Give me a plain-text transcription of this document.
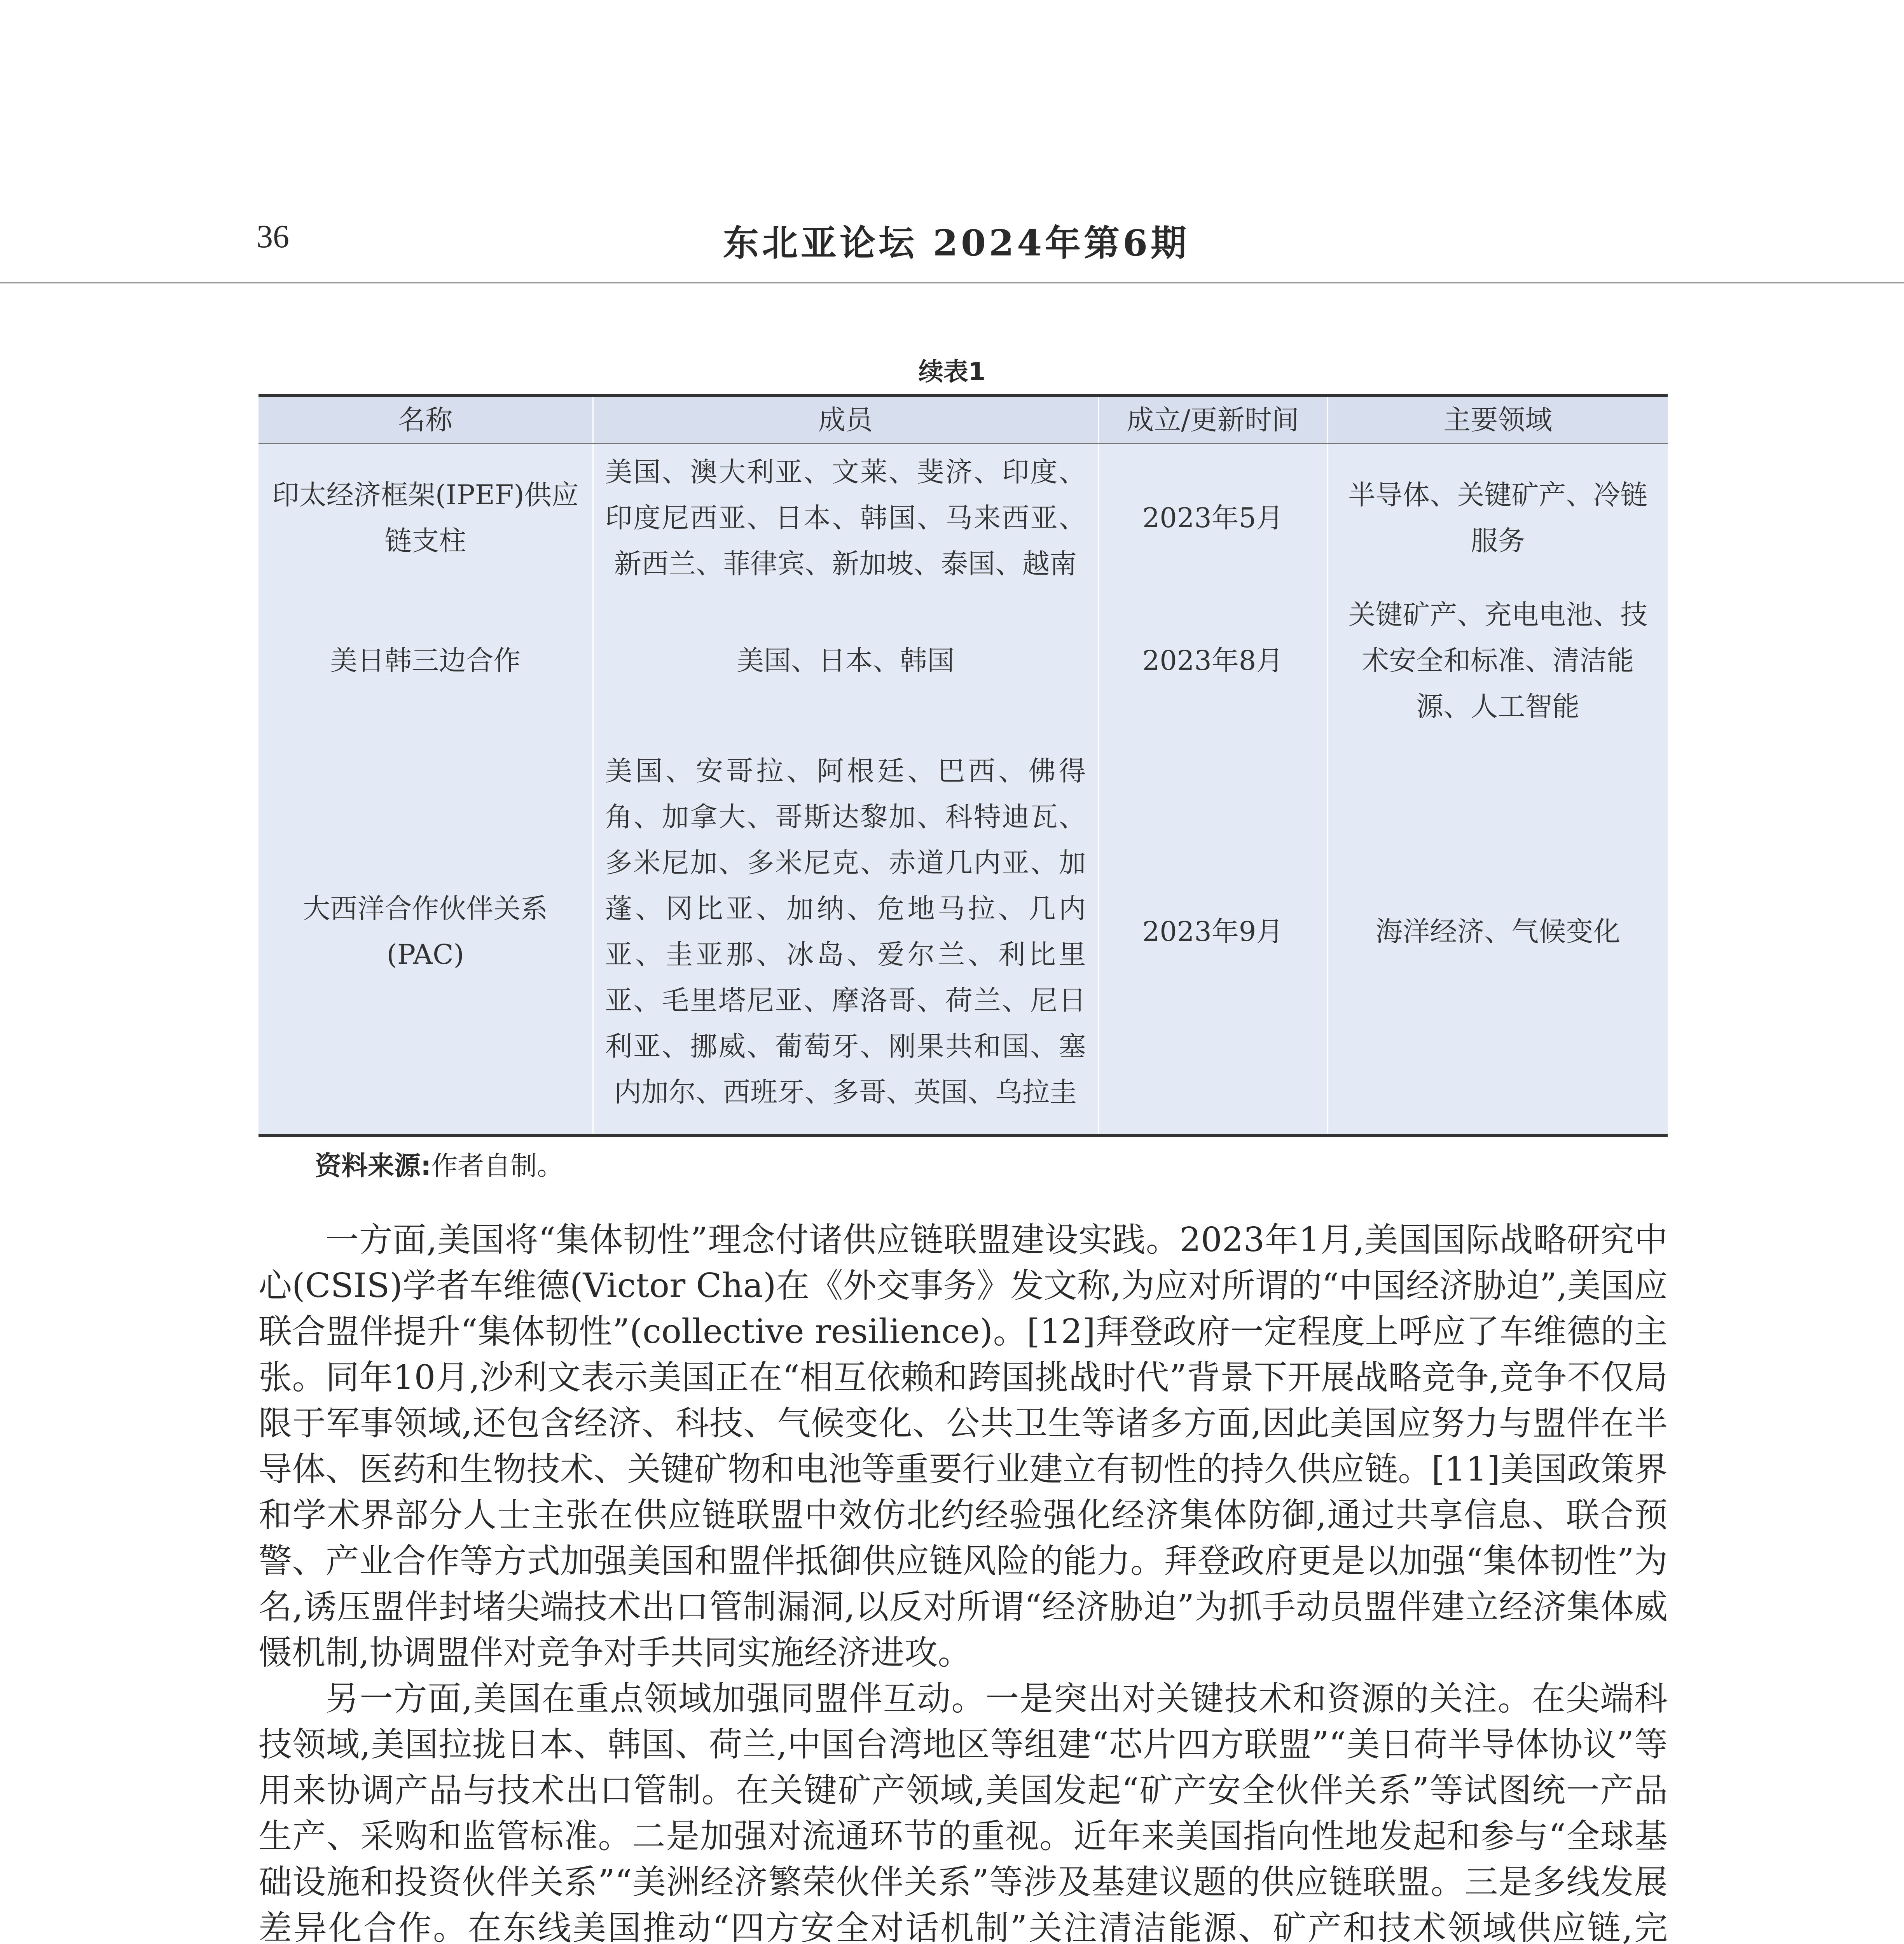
36	东北亚论坛 2024年第6期
续表1
名称	成员	成立/更新时间	主要领域
印太经济框架(IPEF)供应链支柱	美国、澳大利亚、文莱、斐济、印度、印度尼西亚、日本、韩国、马来西亚、新西兰、菲律宾、新加坡、泰国、越南	2023年5月	半导体、关键矿产、冷链服务
美日韩三边合作	美国、日本、韩国	2023年8月	关键矿产、充电电池、技术安全和标准、清洁能源、人工智能
大西洋合作伙伴关系(PAC)	美国、安哥拉、阿根廷、巴西、佛得角、加拿大、哥斯达黎加、科特迪瓦、多米尼加、多米尼克、赤道几内亚、加蓬、冈比亚、加纳、危地马拉、几内亚、圭亚那、冰岛、爱尔兰、利比里亚、毛里塔尼亚、摩洛哥、荷兰、尼日利亚、挪威、葡萄牙、刚果共和国、塞内加尔、西班牙、多哥、英国、乌拉圭	2023年9月	海洋经济、气候变化
资料来源:作者自制。

一方面,美国将“集体韧性”理念付诸供应链联盟建设实践。2023年1月,美国国际战略研究中心(CSIS)学者车维德(Victor Cha)在《外交事务》发文称,为应对所谓的“中国经济胁迫”,美国应联合盟伴提升“集体韧性”(collective resilience)。[12]拜登政府一定程度上呼应了车维德的主张。同年10月,沙利文表示美国正在“相互依赖和跨国挑战时代”背景下开展战略竞争,竞争不仅局限于军事领域,还包含经济、科技、气候变化、公共卫生等诸多方面,因此美国应努力与盟伴在半导体、医药和生物技术、关键矿物和电池等重要行业建立有韧性的持久供应链。[11]美国政策界和学术界部分人士主张在供应链联盟中效仿北约经验强化经济集体防御,通过共享信息、联合预警、产业合作等方式加强美国和盟伴抵御供应链风险的能力。拜登政府更是以加强“集体韧性”为名,诱压盟伴封堵尖端技术出口管制漏洞,以反对所谓“经济胁迫”为抓手动员盟伴建立经济集体威慑机制,协调盟伴对竞争对手共同实施经济进攻。

另一方面,美国在重点领域加强同盟伴互动。一是突出对关键技术和资源的关注。在尖端科技领域,美国拉拢日本、韩国、荷兰,中国台湾地区等组建“芯片四方联盟”“美日荷半导体协议”等用来协调产品与技术出口管制。在关键矿产领域,美国发起“矿产安全伙伴关系”等试图统一产品生产、采购和监管标准。二是加强对流通环节的重视。近年来美国指向性地发起和参与“全球基础设施和投资伙伴关系”“美洲经济繁荣伙伴关系”等涉及基建议题的供应链联盟。三是多线发展差异化合作。在东线美国推动“四方安全对话机制”关注清洁能源、矿产和技术领域供应链,完
